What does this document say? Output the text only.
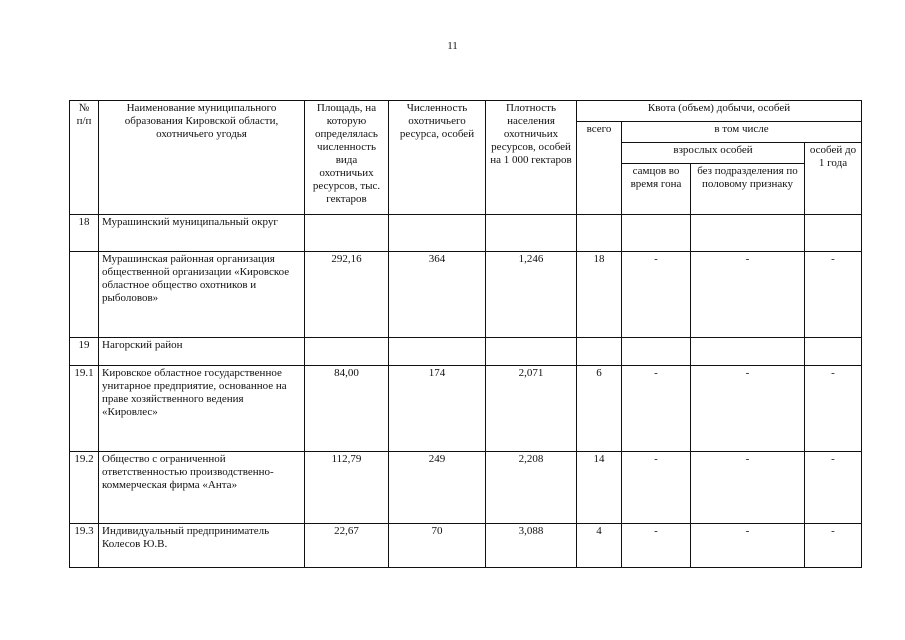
11
№ п/п	Наименование муниципального образования Кировской области, охотничьего угодья	Площадь, на которую определялась численность вида охотничьих ресурсов, тыс. гектаров	Численность охотничьего ресурса, особей	Плотность населения охотничьих ресурсов, особей на 1 000 гектаров	Квота (объем) добычи, особей			
					всего	в том числе		
						взрослых особей		особей до 1 года
						самцов во время гона	без подразделения по половому признаку	
18	Мурашинский муниципальный округ							
	Мурашинская районная организация общественной организации «Кировское областное общество охотников и рыболовов»	292,16	364	1,246	18	-	-	-
19	Нагорский район							
19.1	Кировское областное государственное унитарное предприятие, основанное на праве хозяйственного ведения «Кировлес»	84,00	174	2,071	6	-	-	-
19.2	Общество с ограниченной ответственностью производственно-коммерческая фирма «Анта»	112,79	249	2,208	14	-	-	-
19.3	Индивидуальный предприниматель Колесов Ю.В.	22,67	70	3,088	4	-	-	-
